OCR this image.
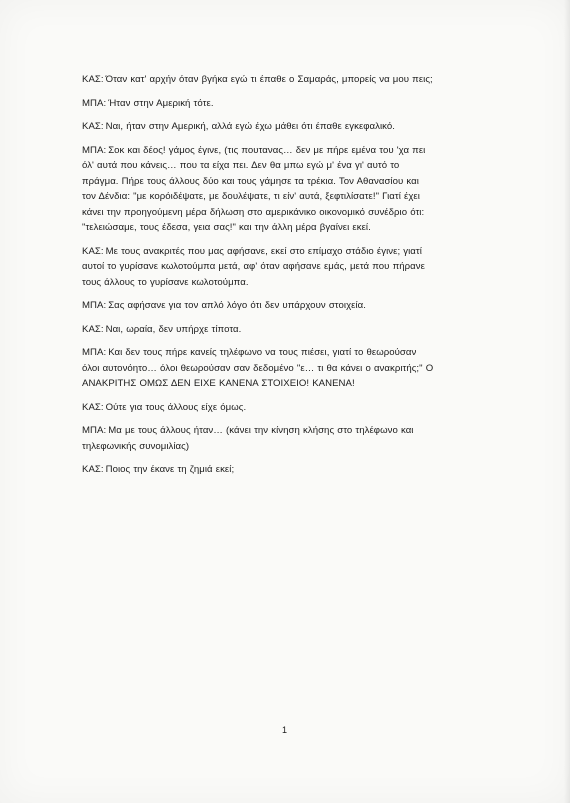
ΚΑΣ: Όταν κατ' αρχήν όταν βγήκα εγώ τι έπαθε ο Σαμαράς, μπορείς να μου πεις;

ΜΠΑ: Ήταν στην Αμερική τότε.

ΚΑΣ: Ναι, ήταν στην Αμερική, αλλά εγώ έχω μάθει ότι έπαθε εγκεφαλικό.

ΜΠΑ: Σοκ και δέος! γάμος έγινε, (τις πουτανας… δεν με πήρε εμένα του 'χα πει όλ' αυτά που κάνεις… που τα είχα πει. Δεν θα μπω εγώ μ' ένα γι' αυτό το πράγμα. Πήρε τους άλλους δύο και τους γάμησε τα τρέκια. Τον Αθανασίου και τον Δένδια: "με κορόιδέψατε, με δουλέψατε, τι είν' αυτά, ξεφτιλίσατε!" Γιατί έχει κάνει την προηγούμενη μέρα δήλωση στο αμερικάνικο οικονομικό συνέδριο ότι: "τελειώσαμε, τους έδεσα, γεια σας!" και την άλλη μέρα βγαίνει εκεί.

ΚΑΣ: Με τους ανακριτές που μας αφήσανε, εκεί στο επίμαχο στάδιο έγινε; γιατί αυτοί το γυρίσανε κωλοτούμπα μετά, αφ' όταν αφήσανε εμάς, μετά που πήρανε τους άλλους το γυρίσανε κωλοτούμπα.

ΜΠΑ: Σας αφήσανε για τον απλό λόγο ότι δεν υπάρχουν στοιχεία.

ΚΑΣ: Ναι, ωραία, δεν υπήρχε τίποτα.

ΜΠΑ: Και δεν τους πήρε κανείς τηλέφωνο να τους πιέσει, γιατί το θεωρούσαν όλοι αυτονόητο… όλοι θεωρούσαν σαν δεδομένο "ε… τι θα κάνει ο ανακριτής;" Ο ΑΝΑΚΡΙΤΗΣ ΟΜΩΣ ΔΕΝ ΕΙΧΕ ΚΑΝΕΝΑ ΣΤΟΙΧΕΙΟ! ΚΑΝΕΝΑ!

ΚΑΣ: Ούτε για τους άλλους είχε όμως.

ΜΠΑ: Μα με τους άλλους ήταν… (κάνει την κίνηση κλήσης στο τηλέφωνο και τηλεφωνικής συνομιλίας)

ΚΑΣ: Ποιος την έκανε τη ζημιά εκεί;

1
